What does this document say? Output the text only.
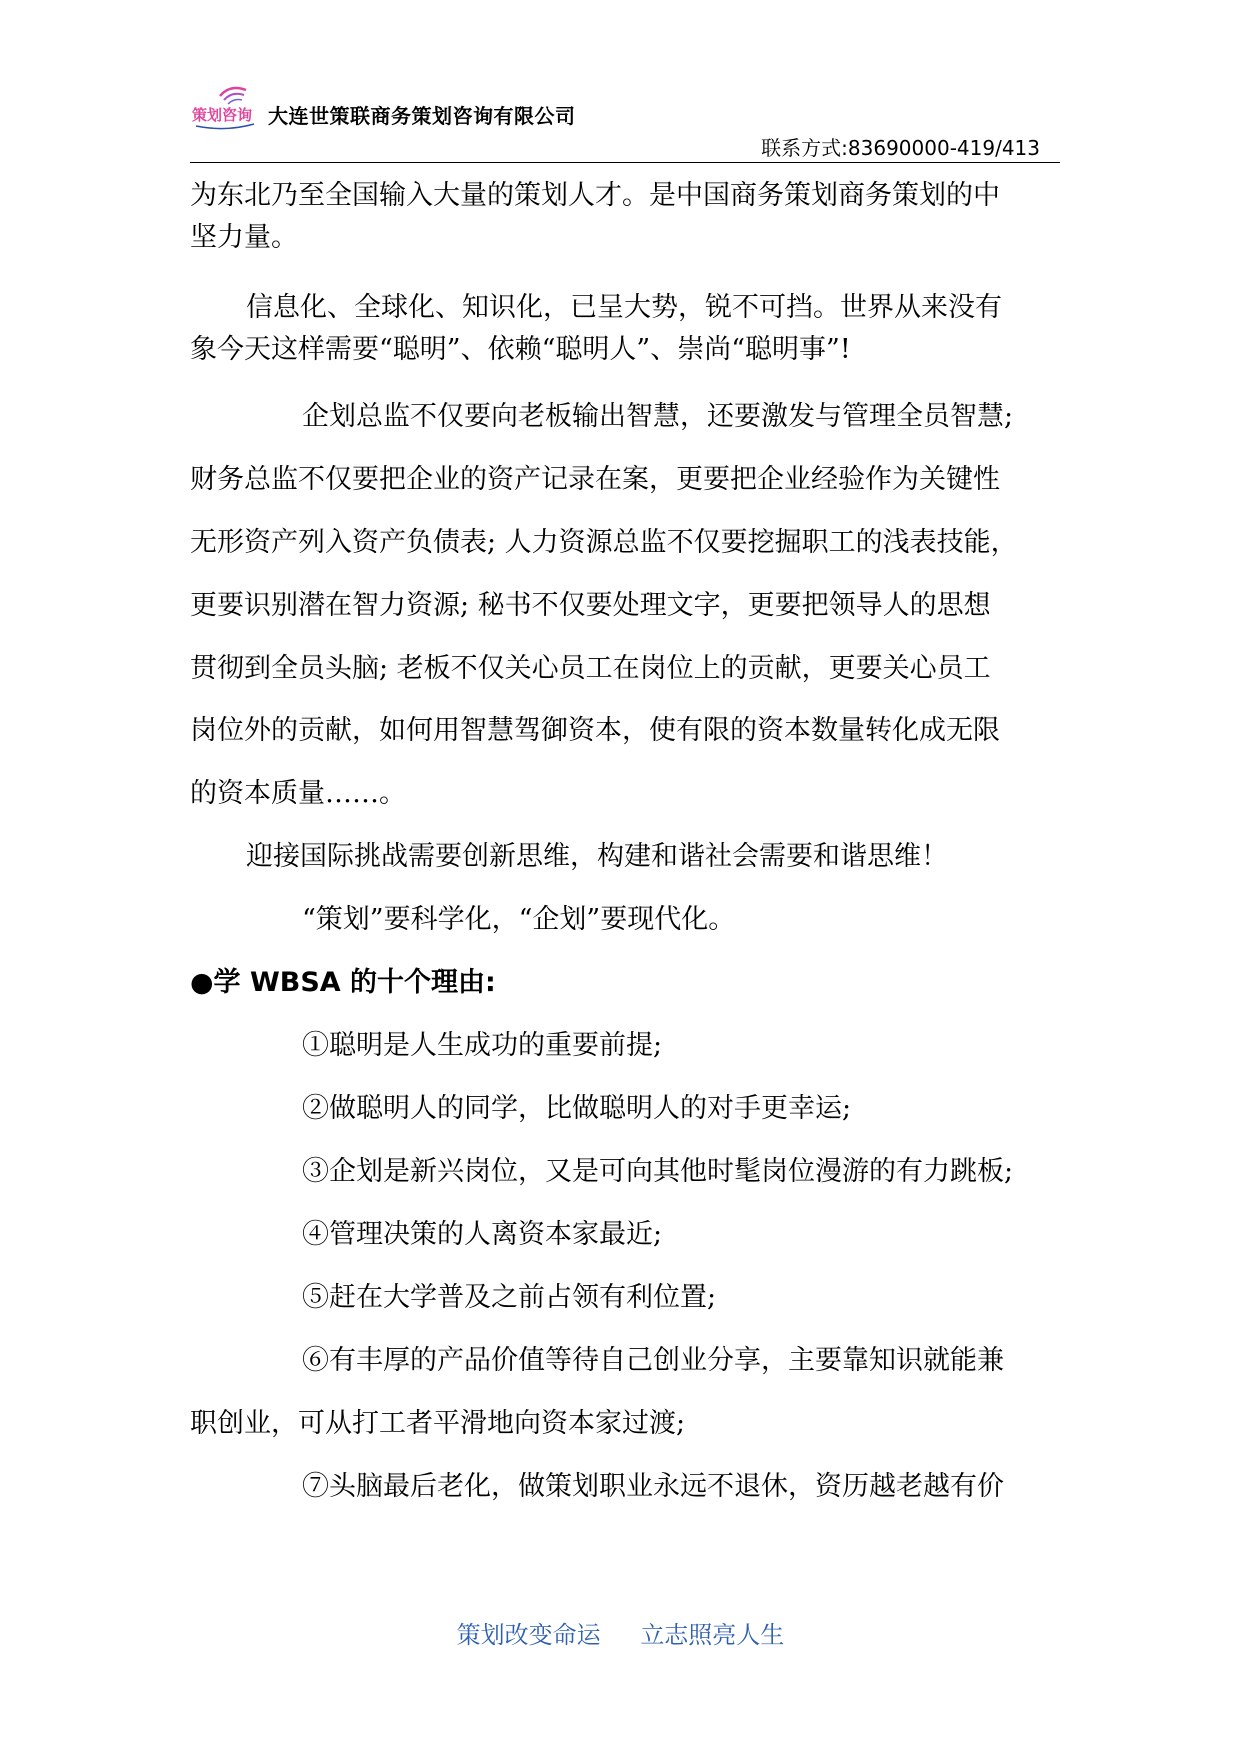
策划咨询 大连世策联商务策划咨询有限公司
联系方式:83690000-419/413
为东北乃至全国输入大量的策划人才。是中国商务策划商务策划的中
坚力量。
信息化、全球化、知识化，已呈大势，锐不可挡。世界从来没有
象今天这样需要“聪明”、依赖“聪明人”、崇尚“聪明事”!
企划总监不仅要向老板输出智慧，还要激发与管理全员智慧;
财务总监不仅要把企业的资产记录在案，更要把企业经验作为关键性
无形资产列入资产负债表; 人力资源总监不仅要挖掘职工的浅表技能，
更要识别潜在智力资源; 秘书不仅要处理文字，更要把领导人的思想
贯彻到全员头脑; 老板不仅关心员工在岗位上的贡献，更要关心员工
岗位外的贡献，如何用智慧驾御资本，使有限的资本数量转化成无限
的资本质量……。
迎接国际挑战需要创新思维，构建和谐社会需要和谐思维！
“策划”要科学化，“企划”要现代化。
●学 WBSA 的十个理由:
①聪明是人生成功的重要前提;
②做聪明人的同学，比做聪明人的对手更幸运;
③企划是新兴岗位，又是可向其他时髦岗位漫游的有力跳板;
④管理决策的人离资本家最近;
⑤赶在大学普及之前占领有利位置;
⑥有丰厚的产品价值等待自己创业分享，主要靠知识就能兼
职创业，可从打工者平滑地向资本家过渡;
⑦头脑最后老化，做策划职业永远不退休，资历越老越有价
策划改变命运 立志照亮人生
